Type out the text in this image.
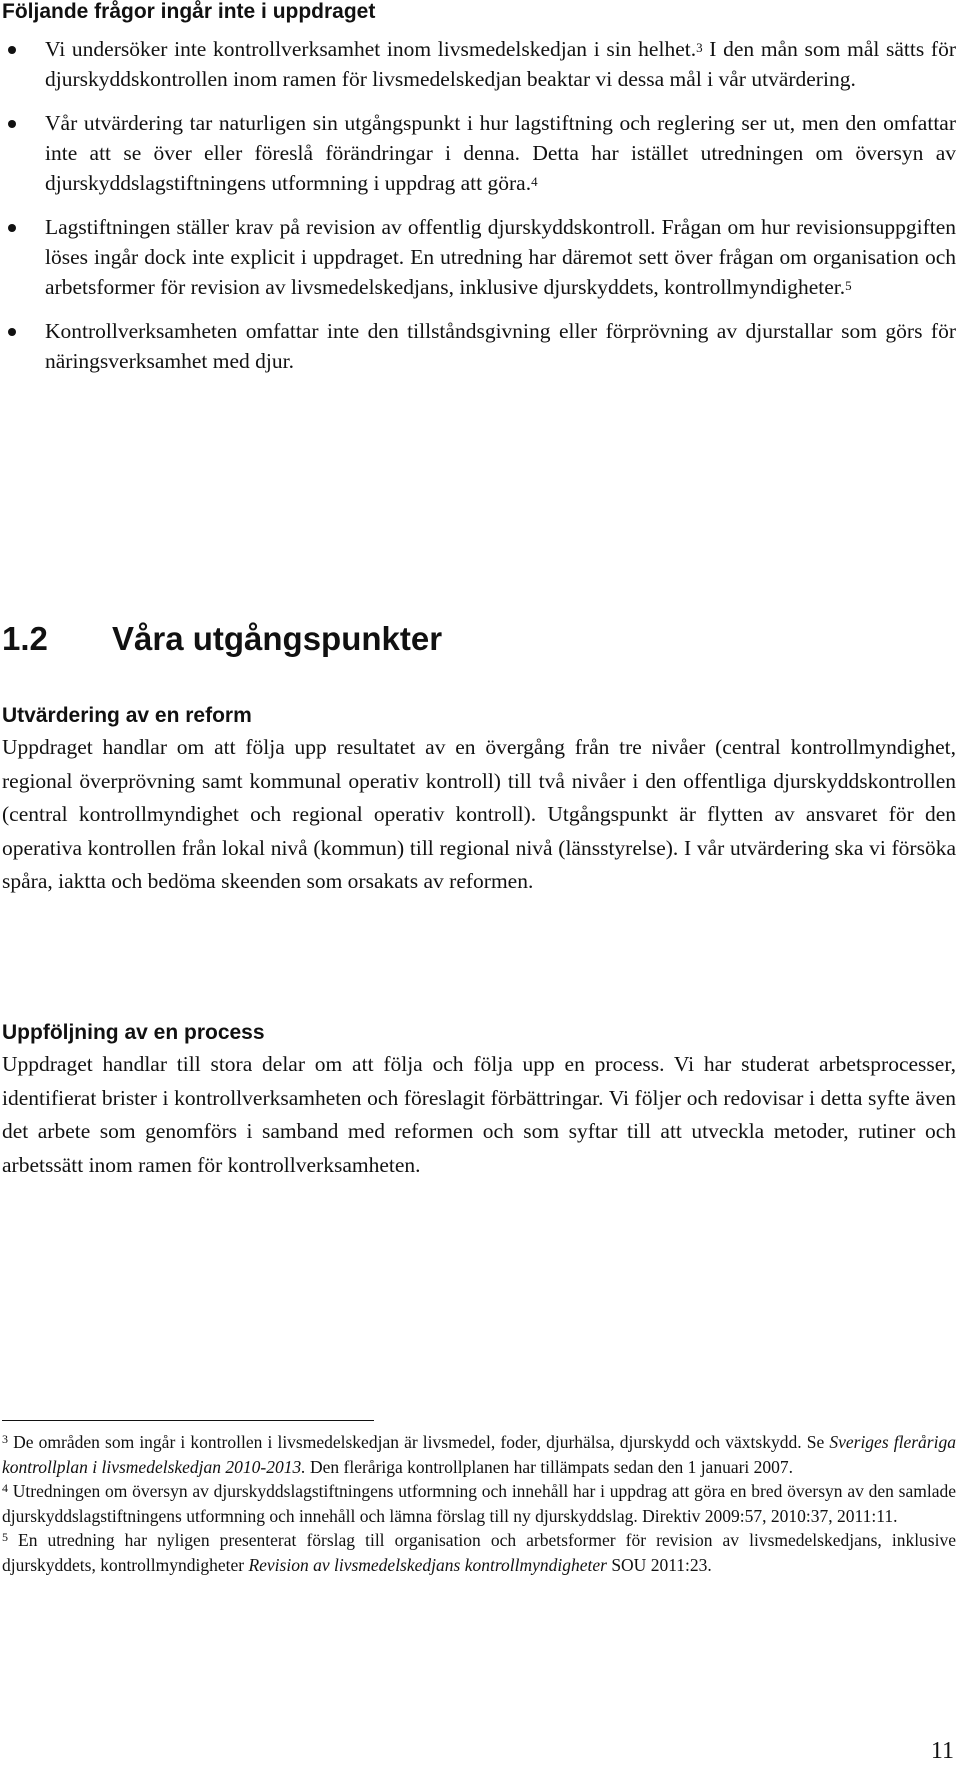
Följande frågor ingår inte i uppdraget
Vi undersöker inte kontrollverksamhet inom livsmedelskedjan i sin helhet.$^3$ I den mån som mål sätts för djurskyddskontrollen inom ramen för livsmedelskedjan beaktar vi dessa mål i vår utvärdering.
Vår utvärdering tar naturligen sin utgångspunkt i hur lagstiftning och reglering ser ut, men den omfattar inte att se över eller föreslå förändringar i denna. Detta har istället utredningen om översyn av djurskyddslagstiftningens utformning i uppdrag att göra.$^4$
Lagstiftningen ställer krav på revision av offentlig djurskyddskontroll. Frågan om hur revisionsuppgiften löses ingår dock inte explicit i uppdraget. En utredning har däremot sett över frågan om organisation och arbetsformer för revision av livsmedelskedjans, inklusive djurskyddets, kontrollmyndigheter.$^5$
Kontrollverksamheten omfattar inte den tillståndsgivning eller förprövning av djurstallar som görs för näringsverksamhet med djur.
1.2 Våra utgångspunkter
Utvärdering av en reform

Uppdraget handlar om att följa upp resultatet av en övergång från tre nivåer (central kontrollmyndighet, regional överprövning samt kommunal operativ kontroll) till två nivåer i den offentliga djurskyddskontrollen (central kontrollmyndighet och regional operativ kontroll). Utgångspunkt är flytten av ansvaret för den operativa kontrollen från lokal nivå (kommun) till regional nivå (länsstyrelse). I vår utvärdering ska vi försöka spåra, iaktta och bedöma skeenden som orsakats av reformen.

Uppföljning av en process

Uppdraget handlar till stora delar om att följa och följa upp en process. Vi har studerat arbetsprocesser, identifierat brister i kontrollverksamheten och föreslagit förbättringar. Vi följer och redovisar i detta syfte även det arbete som genomförs i samband med reformen och som syftar till att utveckla metoder, rutiner och arbetssätt inom ramen för kontrollverksamheten.

$^3$ De områden som ingår i kontrollen i livsmedelskedjan är livsmedel, foder, djurhälsa, djurskydd och växtskydd. Se Sveriges fleråriga kontrollplan i livsmedelskedjan 2010-2013. Den fleråriga kontrollplanen har tillämpats sedan den 1 januari 2007.

$^4$ Utredningen om översyn av djurskyddslagstiftningens utformning och innehåll har i uppdrag att göra en bred översyn av den samlade djurskyddslagstiftningens utformning och innehåll och lämna förslag till ny djurskyddslag. Direktiv 2009:57, 2010:37, 2011:11.

$^5$ En utredning har nyligen presenterat förslag till organisation och arbetsformer för revision av livsmedelskedjans, inklusive djurskyddets, kontrollmyndigheter Revision av livsmedelskedjans kontrollmyndigheter SOU 2011:23.

11
